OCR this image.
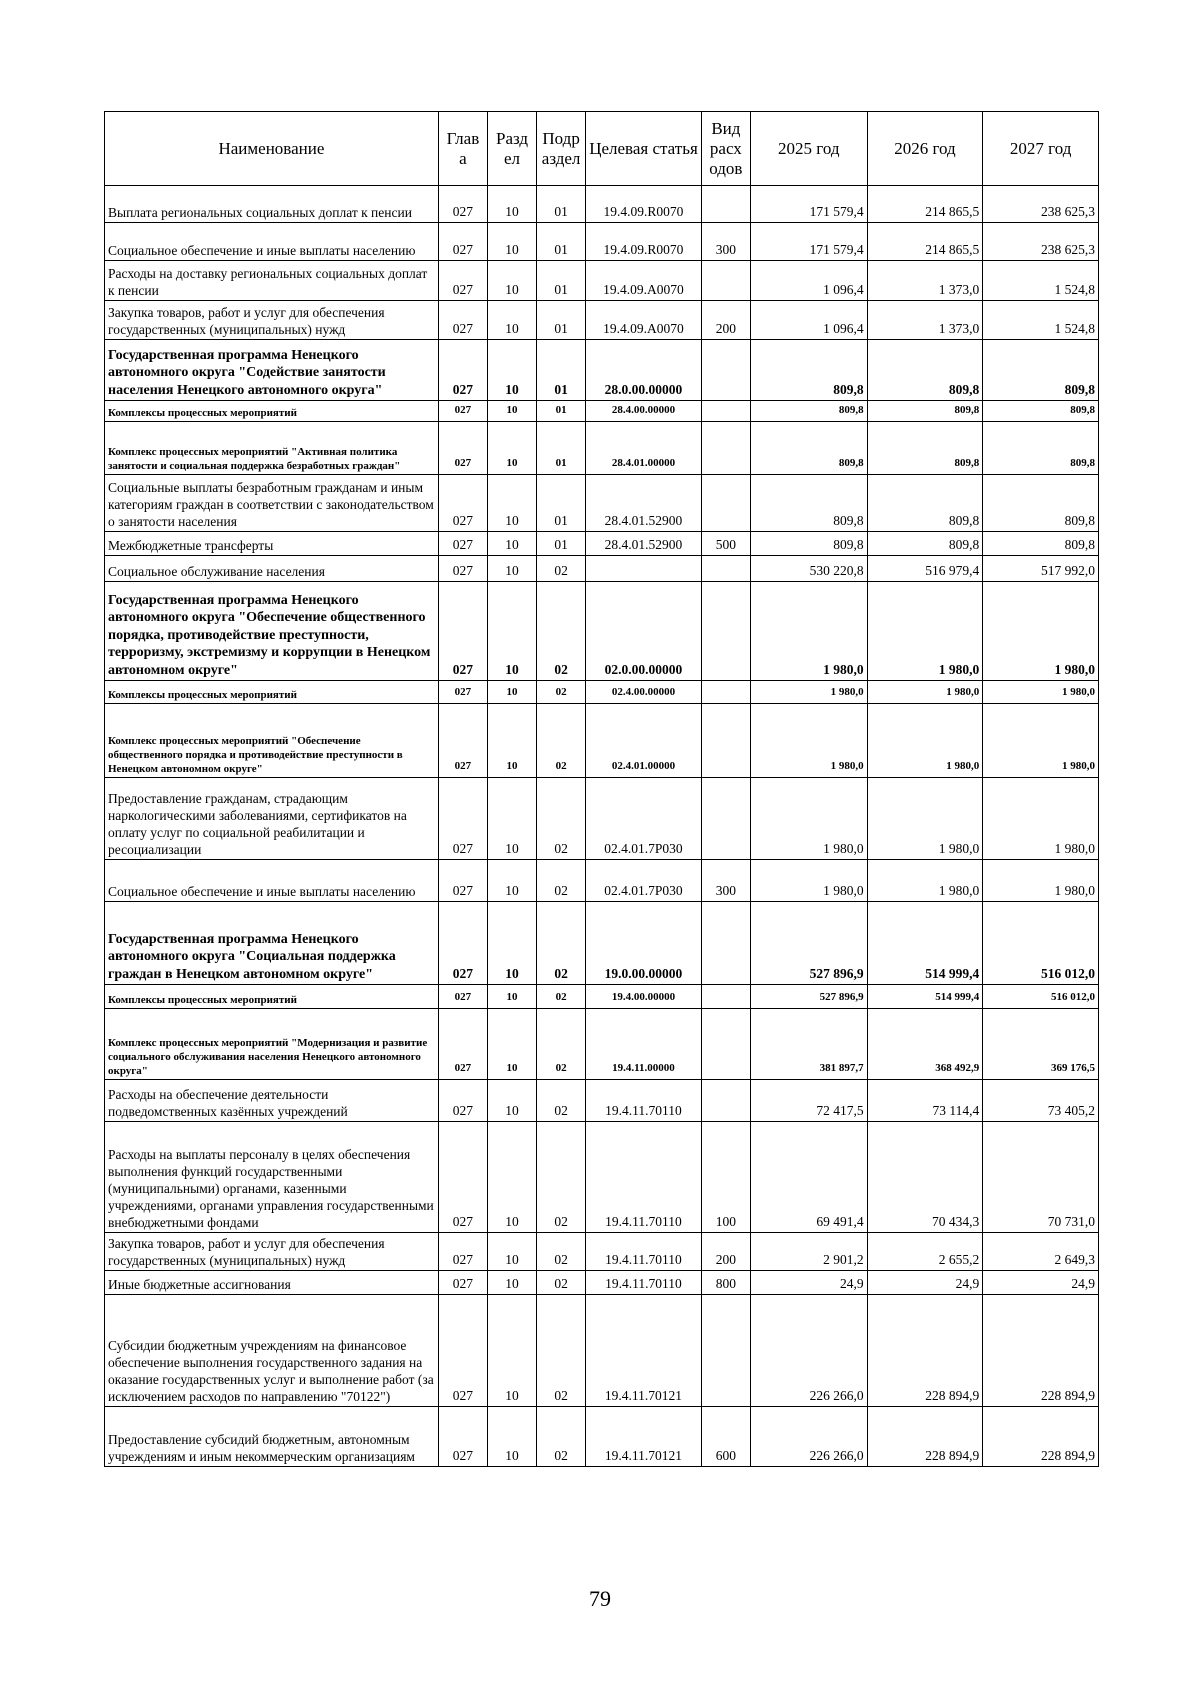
Наименование	Глав а	Разд ел	Подр аздел	Целевая статья	Вид расх одов	2025 год	2026 год	2027 год
Выплата региональных социальных доплат к пенсии	027	10	01	19.4.09.R0070		171 579,4	214 865,5	238 625,3
Социальное обеспечение и иные выплаты населению	027	10	01	19.4.09.R0070	300	171 579,4	214 865,5	238 625,3
Расходы на доставку региональных социальных доплат к пенсии	027	10	01	19.4.09.А0070		1 096,4	1 373,0	1 524,8
Закупка товаров, работ и услуг для обеспечения государственных (муниципальных) нужд	027	10	01	19.4.09.А0070	200	1 096,4	1 373,0	1 524,8
Государственная программа Ненецкого автономного округа "Содействие занятости населения Ненецкого автономного округа"	027	10	01	28.0.00.00000		809,8	809,8	809,8
Комплексы процессных мероприятий	027	10	01	28.4.00.00000		809,8	809,8	809,8
Комплекс процессных мероприятий "Активная политика занятости и социальная поддержка безработных граждан"	027	10	01	28.4.01.00000		809,8	809,8	809,8
Социальные выплаты безработным гражданам и иным категориям граждан в соответствии с законодательством о занятости населения	027	10	01	28.4.01.52900		809,8	809,8	809,8
Межбюджетные трансферты	027	10	01	28.4.01.52900	500	809,8	809,8	809,8
Социальное обслуживание населения	027	10	02			530 220,8	516 979,4	517 992,0
Государственная программа Ненецкого автономного округа "Обеспечение общественного порядка, противодействие преступности, терроризму, экстремизму и коррупции в Ненецком автономном округе"	027	10	02	02.0.00.00000		1 980,0	1 980,0	1 980,0
Комплексы процессных мероприятий	027	10	02	02.4.00.00000		1 980,0	1 980,0	1 980,0
Комплекс процессных мероприятий "Обеспечение общественного порядка и противодействие преступности в Ненецком автономном округе"	027	10	02	02.4.01.00000		1 980,0	1 980,0	1 980,0
Предоставление гражданам, страдающим наркологическими заболеваниями, сертификатов на оплату услуг по социальной реабилитации и ресоциализации	027	10	02	02.4.01.7Р030		1 980,0	1 980,0	1 980,0
Социальное обеспечение и иные выплаты населению	027	10	02	02.4.01.7Р030	300	1 980,0	1 980,0	1 980,0
Государственная программа Ненецкого автономного округа "Социальная поддержка граждан в Ненецком автономном округе"	027	10	02	19.0.00.00000		527 896,9	514 999,4	516 012,0
Комплексы процессных мероприятий	027	10	02	19.4.00.00000		527 896,9	514 999,4	516 012,0
Комплекс процессных мероприятий "Модернизация и развитие социального обслуживания населения Ненецкого автономного округа"	027	10	02	19.4.11.00000		381 897,7	368 492,9	369 176,5
Расходы на обеспечение деятельности подведомственных казённых учреждений	027	10	02	19.4.11.70110		72 417,5	73 114,4	73 405,2
Расходы на выплаты персоналу в целях обеспечения выполнения функций государственными (муниципальными) органами, казенными учреждениями, органами управления государственными внебюджетными фондами	027	10	02	19.4.11.70110	100	69 491,4	70 434,3	70 731,0
Закупка товаров, работ и услуг для обеспечения государственных (муниципальных) нужд	027	10	02	19.4.11.70110	200	2 901,2	2 655,2	2 649,3
Иные бюджетные ассигнования	027	10	02	19.4.11.70110	800	24,9	24,9	24,9
Субсидии бюджетным учреждениям на финансовое обеспечение выполнения государственного задания на оказание государственных услуг и выполнение работ (за исключением расходов по направлению "70122")	027	10	02	19.4.11.70121		226 266,0	228 894,9	228 894,9
Предоставление субсидий бюджетным, автономным учреждениям и иным некоммерческим организациям	027	10	02	19.4.11.70121	600	226 266,0	228 894,9	228 894,9
79
